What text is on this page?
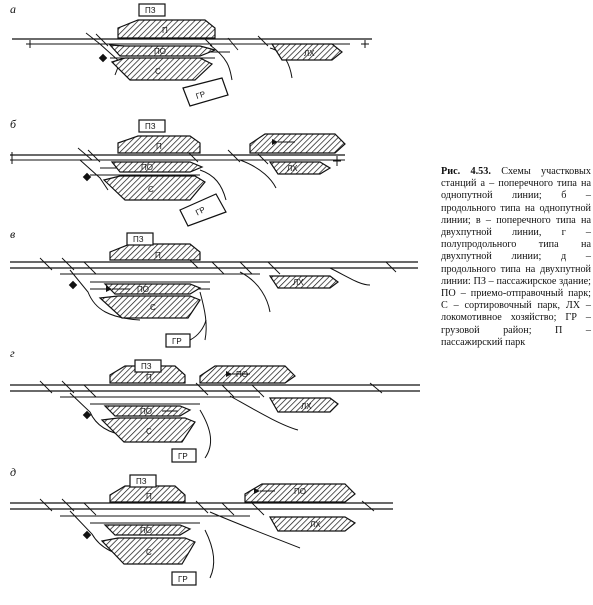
а
П
ПО
С
ЛХ
ПЗ
ГР
б
П
ПО
С
ЛХ
ПЗ
ГР
в
П
ПО
С
ЛХ
ПЗ
ГР
г
П	ПО
ПО
С
ЛХ
ПЗ
ГР
д
П
ПО
ПО
С
ЛХ
ПЗ
ГР
Рис. 4.53. Схемы участковых станций а – поперечного типа на однопутной линии; б – продольного типа на однопутной линии; в – поперечного типа на двухпутной линии, г – полупродольного типа на двухпутной линии; д – продольного типа на двухпутной линии: ПЗ – пассажирское здание; ПО – приемо-отправочный парк; С – сортировочный парк, ЛХ – локомотивное хозяйство; ГР – грузовой район; П – пассажирский парк
